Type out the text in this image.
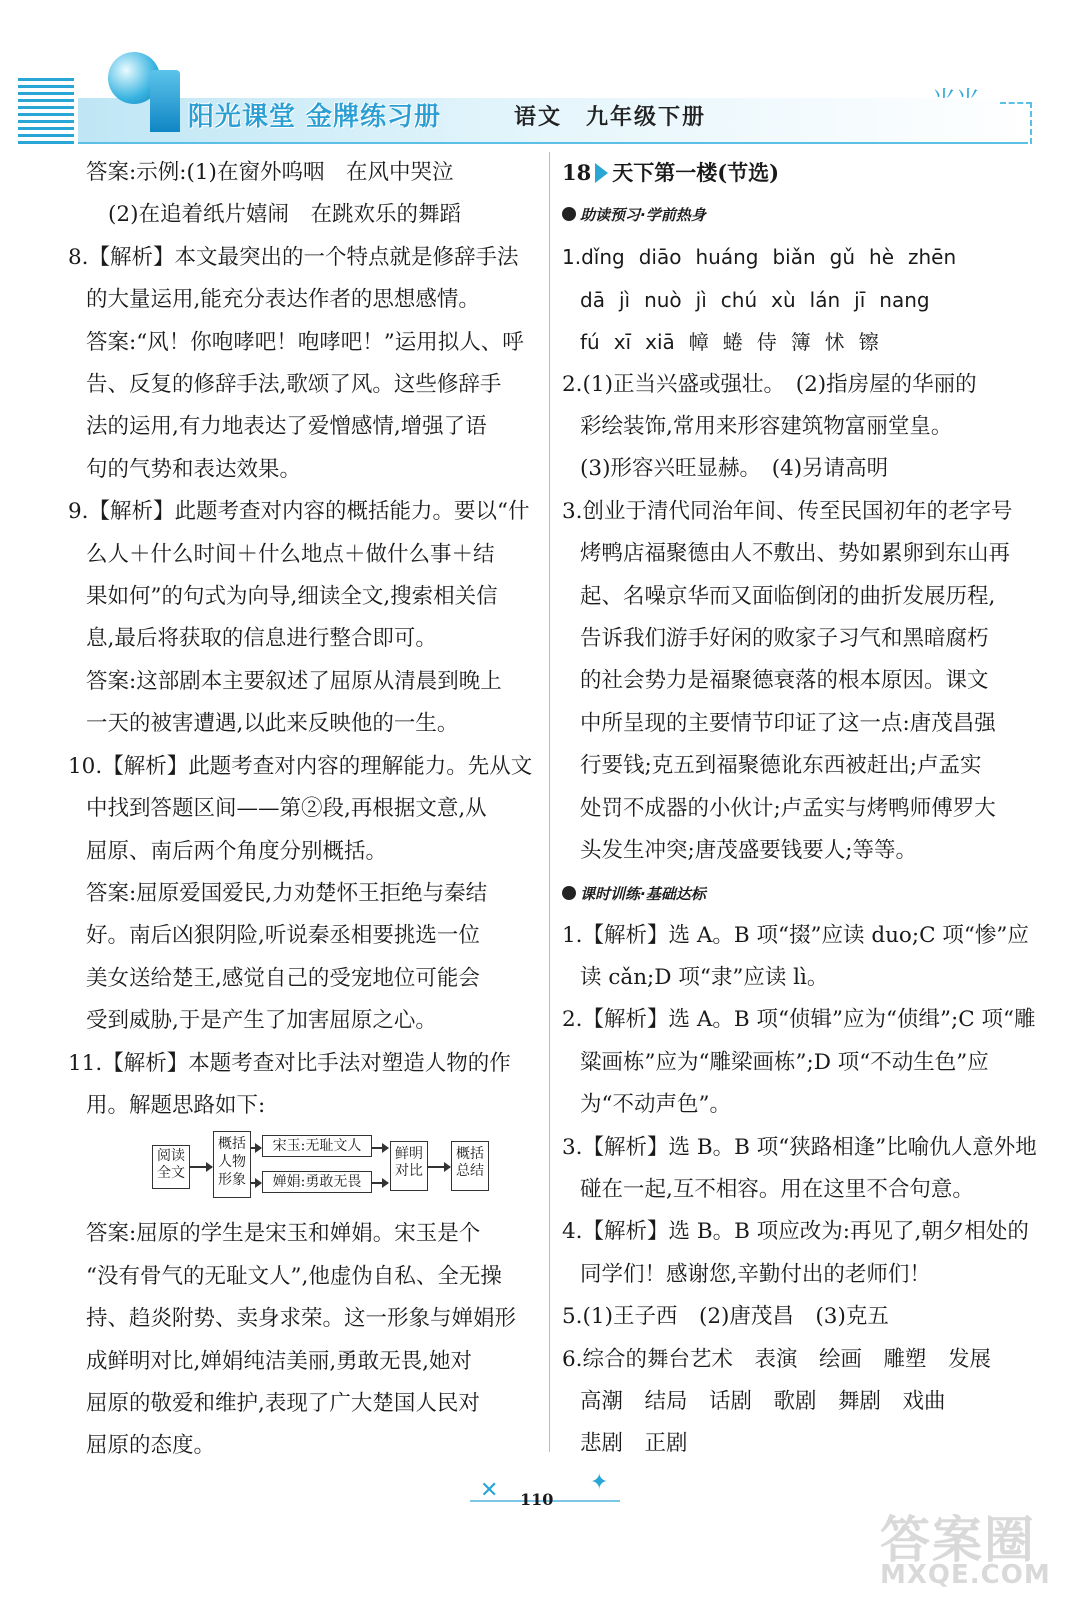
阳光课堂 金牌练习册	语文　九年级下册
⺌⺌
答案:示例:(1)在窗外呜咽　在风中哭泣
(2)在追着纸片嬉闹　在跳欢乐的舞蹈
8.【解析】本文最突出的一个特点就是修辞手法
的大量运用,能充分表达作者的思想感情。
答案:“风！你咆哮吧！咆哮吧！”运用拟人、呼
告、反复的修辞手法,歌颂了风。这些修辞手
法的运用,有力地表达了爱憎感情,增强了语
句的气势和表达效果。
9.【解析】此题考查对内容的概括能力。要以“什
么人＋什么时间＋什么地点＋做什么事＋结
果如何”的句式为向导,细读全文,搜索相关信
息,最后将获取的信息进行整合即可。
答案:这部剧本主要叙述了屈原从清晨到晚上
一天的被害遭遇,以此来反映他的一生。
10.【解析】此题考查对内容的理解能力。先从文
中找到答题区间——第②段,再根据文意,从
屈原、南后两个角度分别概括。
答案:屈原爱国爱民,力劝楚怀王拒绝与秦结
好。南后凶狠阴险,听说秦丞相要挑选一位
美女送给楚王,感觉自己的受宠地位可能会
受到威胁,于是产生了加害屈原之心。
11.【解析】本题考查对比手法对塑造人物的作
用。解题思路如下:
阅读全文
概括人物形象
宋玉:无耻文人
婵娟:勇敢无畏
鲜明对比
概括总结
答案:屈原的学生是宋玉和婵娟。宋玉是个
“没有骨气的无耻文人”,他虚伪自私、全无操
持、趋炎附势、卖身求荣。这一形象与婵娟形
成鲜明对比,婵娟纯洁美丽,勇敢无畏,她对
屈原的敬爱和维护,表现了广大楚国人民对
屈原的态度。
18 天下第一楼(节选)
助读预习·学前热身
1.dǐng diāo huáng biǎn gǔ hè zhēn
dā jì nuò jì chú xù lán jī nang
fú xī xiā 幛 蜷 侍 簿 怵 镲
2.(1)正当兴盛或强壮。　(2)指房屋的华丽的
彩绘装饰,常用来形容建筑物富丽堂皇。
(3)形容兴旺显赫。　(4)另请高明
3.创业于清代同治年间、传至民国初年的老字号
烤鸭店福聚德由人不敷出、势如累卵到东山再
起、名噪京华而又面临倒闭的曲折发展历程,
告诉我们游手好闲的败家子习气和黑暗腐朽
的社会势力是福聚德衰落的根本原因。课文
中所呈现的主要情节印证了这一点:唐茂昌强
行要钱;克五到福聚德讹东西被赶出;卢孟实
处罚不成器的小伙计;卢孟实与烤鸭师傅罗大
头发生冲突;唐茂盛要钱要人;等等。
课时训练·基础达标
1.【解析】选 A。B 项“掇”应读 duo;C 项“惨”应
读 cǎn;D 项“隶”应读 lì。
2.【解析】选 A。B 项“侦辑”应为“侦缉”;C 项“雕
粱画栋”应为“雕梁画栋”;D 项“不动生色”应
为“不动声色”。
3.【解析】选 B。B 项“狭路相逢”比喻仇人意外地
碰在一起,互不相容。用在这里不合句意。
4.【解析】选 B。B 项应改为:再见了,朝夕相处的
同学们！感谢您,辛勤付出的老师们！
5.(1)王子西　(2)唐茂昌　(3)克五
6.综合的舞台艺术　表演　绘画　雕塑　发展
高潮　结局　话剧　歌剧　舞剧　戏曲
悲剧　正剧
✕	✦
110
答案圈
MXQE.COM
